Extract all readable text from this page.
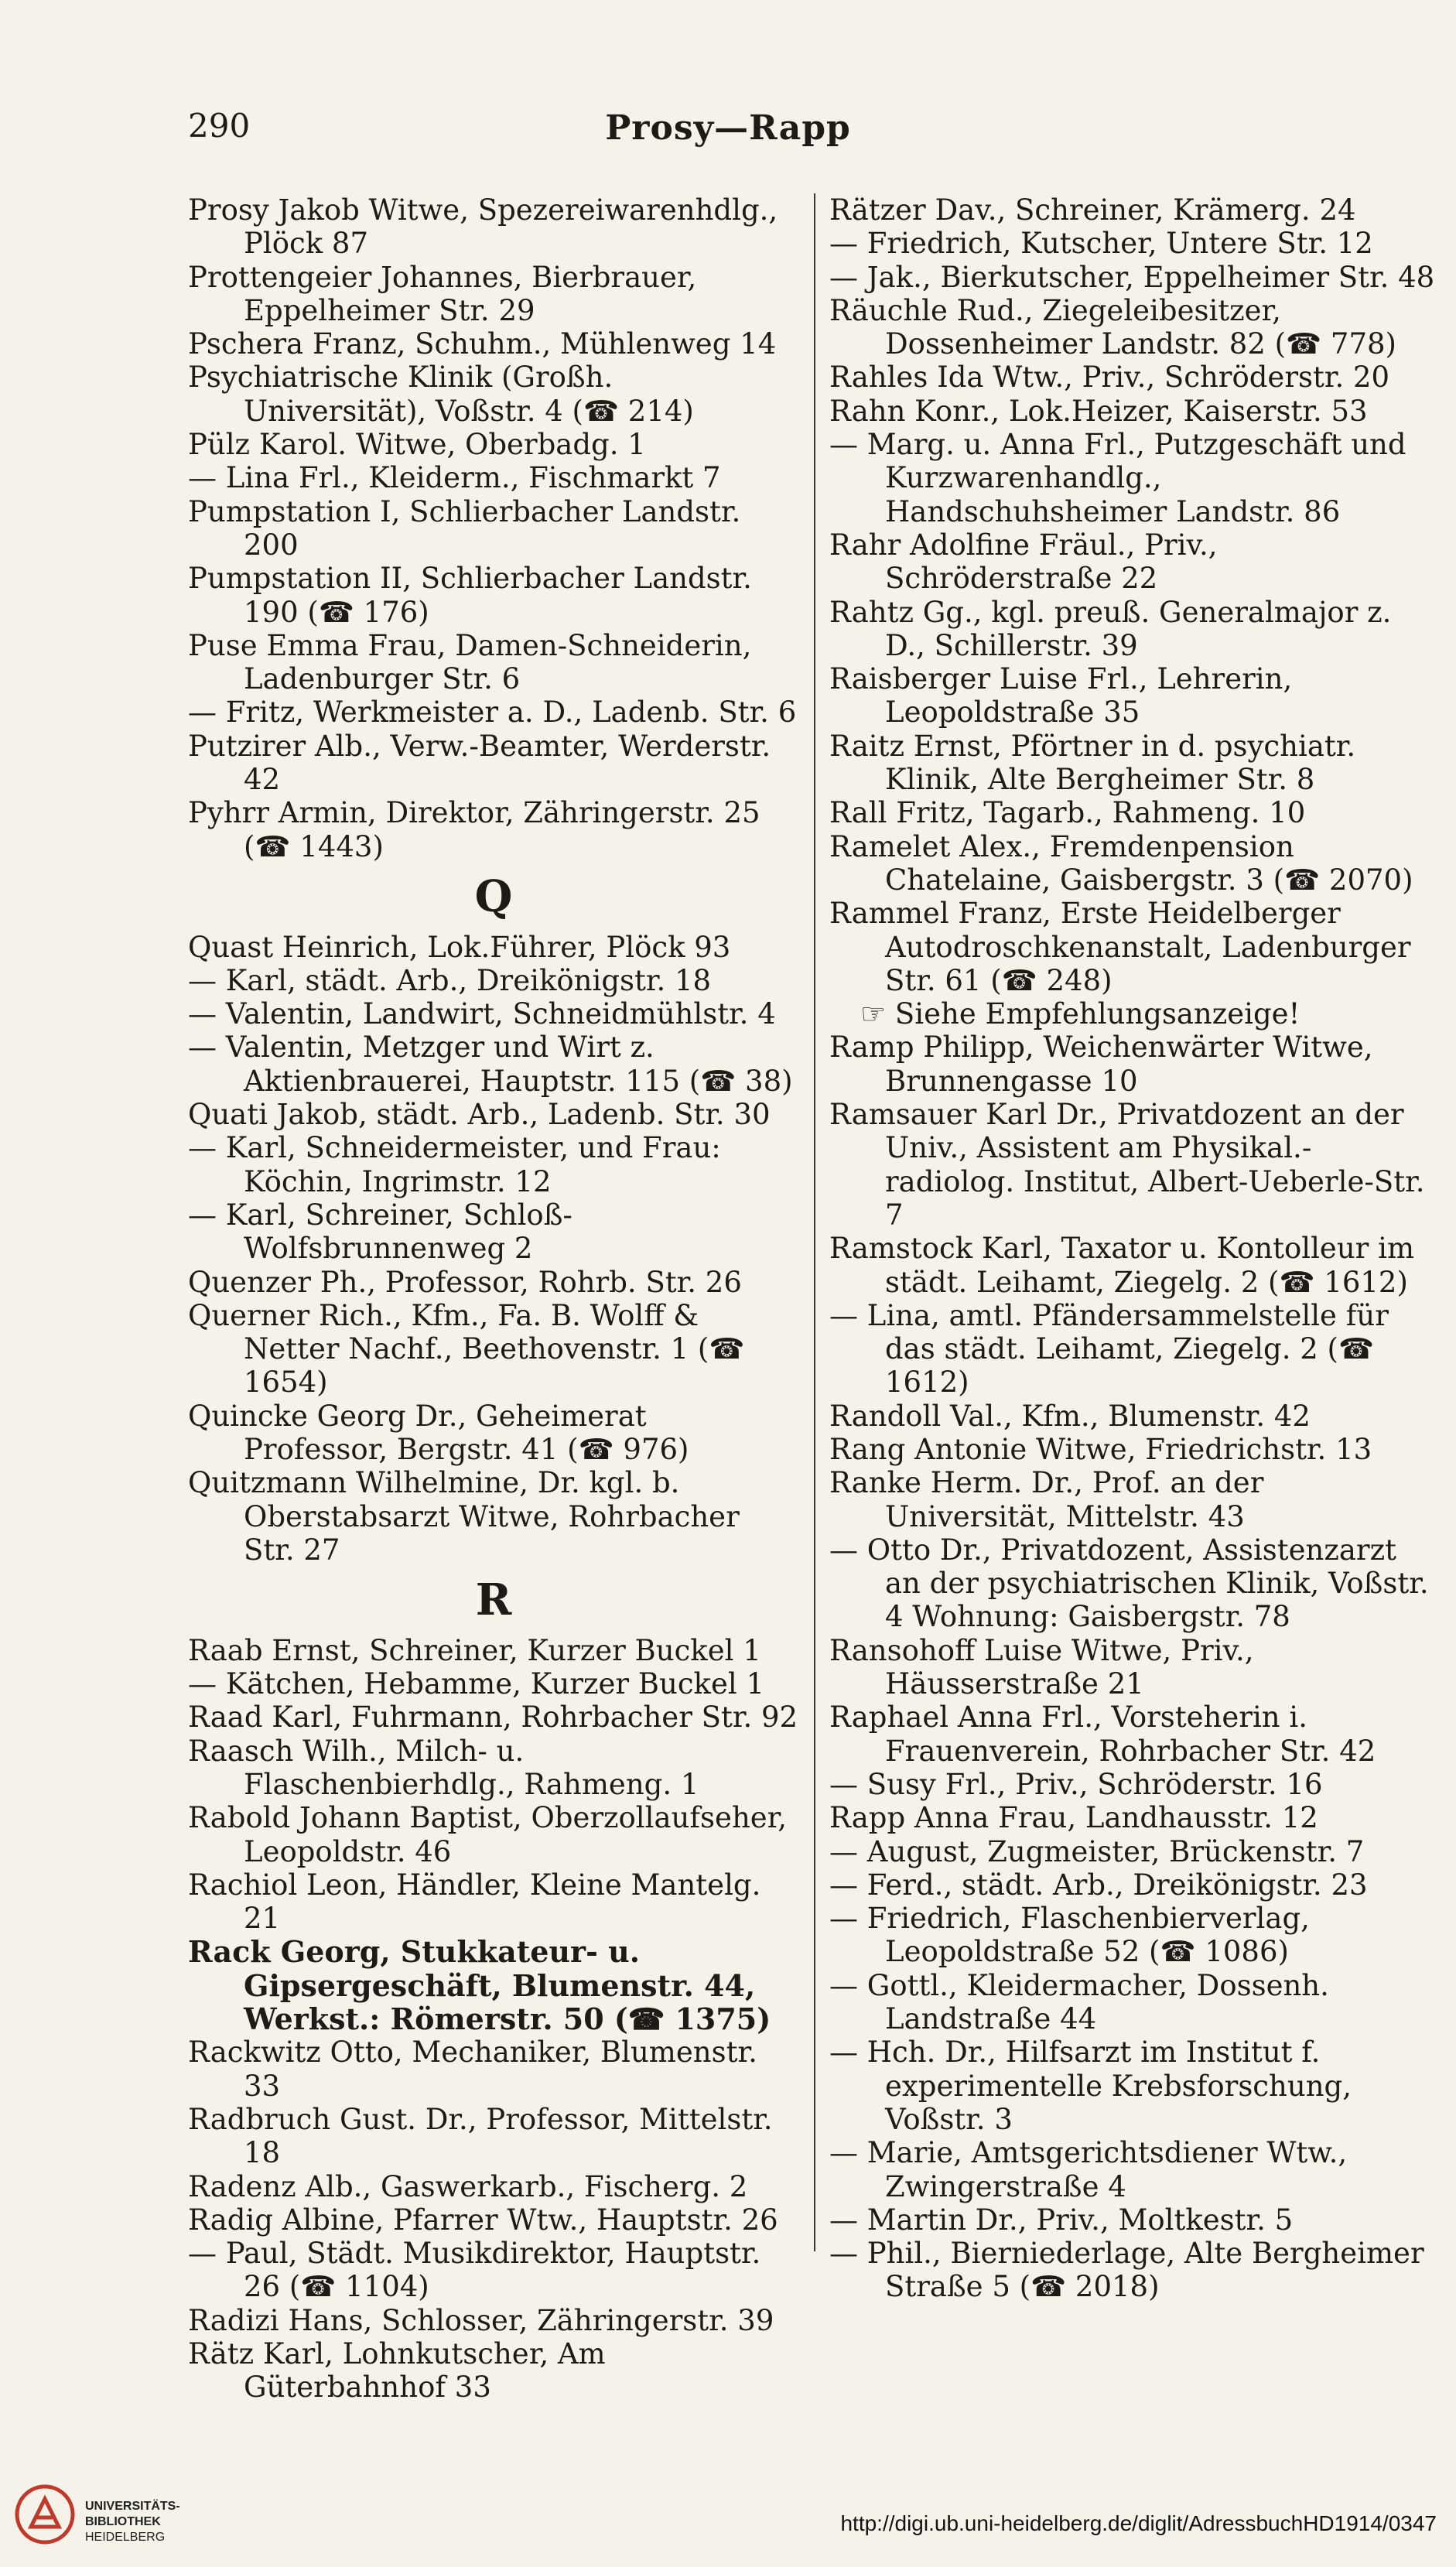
290	Prosy—Rapp
Prosy Jakob Witwe, Spezereiwarenhdlg., Plöck 87
Prottengeier Johannes, Bierbrauer, Eppelheimer Str. 29
Pschera Franz, Schuhm., Mühlenweg 14
Psychiatrische Klinik (Großh. Universität), Voßstr. 4 (☎ 214)
Pülz Karol. Witwe, Oberbadg. 1
— Lina Frl., Kleiderm., Fischmarkt 7
Pumpstation I, Schlierbacher Landstr. 200
Pumpstation II, Schlierbacher Landstr. 190 (☎ 176)
Puse Emma Frau, Damen-Schneiderin, Ladenburger Str. 6
— Fritz, Werkmeister a. D., Ladenb. Str. 6
Putzirer Alb., Verw.-Beamter, Werderstr. 42
Pyhrr Armin, Direktor, Zähringerstr. 25 (☎ 1443)
Q
Quast Heinrich, Lok.Führer, Plöck 93
— Karl, städt. Arb., Dreikönigstr. 18
— Valentin, Landwirt, Schneidmühlstr. 4
— Valentin, Metzger und Wirt z. Aktienbrauerei, Hauptstr. 115 (☎ 38)
Quati Jakob, städt. Arb., Ladenb. Str. 30
— Karl, Schneidermeister, und Frau: Köchin, Ingrimstr. 12
— Karl, Schreiner, Schloß-Wolfsbrunnenweg 2
Quenzer Ph., Professor, Rohrb. Str. 26
Querner Rich., Kfm., Fa. B. Wolff & Netter Nachf., Beethovenstr. 1 (☎ 1654)
Quincke Georg Dr., Geheimerat Professor, Bergstr. 41 (☎ 976)
Quitzmann Wilhelmine, Dr. kgl. b. Oberstabsarzt Witwe, Rohrbacher Str. 27
R
Raab Ernst, Schreiner, Kurzer Buckel 1
— Kätchen, Hebamme, Kurzer Buckel 1
Raad Karl, Fuhrmann, Rohrbacher Str. 92
Raasch Wilh., Milch- u. Flaschenbierhdlg., Rahmeng. 1
Rabold Johann Baptist, Oberzollaufseher, Leopoldstr. 46
Rachiol Leon, Händler, Kleine Mantelg. 21
Rack Georg, Stukkateur- u. Gipsergeschäft, Blumenstr. 44, Werkst.: Römerstr. 50 (☎ 1375)
Rackwitz Otto, Mechaniker, Blumenstr. 33
Radbruch Gust. Dr., Professor, Mittelstr. 18
Radenz Alb., Gaswerkarb., Fischerg. 2
Radig Albine, Pfarrer Wtw., Hauptstr. 26
— Paul, Städt. Musikdirektor, Hauptstr. 26 (☎ 1104)
Radizi Hans, Schlosser, Zähringerstr. 39
Rätz Karl, Lohnkutscher, Am Güterbahnhof 33
Rätzer Dav., Schreiner, Krämerg. 24
— Friedrich, Kutscher, Untere Str. 12
— Jak., Bierkutscher, Eppelheimer Str. 48
Räuchle Rud., Ziegeleibesitzer, Dossenheimer Landstr. 82 (☎ 778)
Rahles Ida Wtw., Priv., Schröderstr. 20
Rahn Konr., Lok.Heizer, Kaiserstr. 53
— Marg. u. Anna Frl., Putzgeschäft und Kurzwarenhandlg., Handschuhsheimer Landstr. 86
Rahr Adolfine Fräul., Priv., Schröderstraße 22
Rahtz Gg., kgl. preuß. Generalmajor z. D., Schillerstr. 39
Raisberger Luise Frl., Lehrerin, Leopoldstraße 35
Raitz Ernst, Pförtner in d. psychiatr. Klinik, Alte Bergheimer Str. 8
Rall Fritz, Tagarb., Rahmeng. 10
Ramelet Alex., Fremdenpension Chatelaine, Gaisbergstr. 3 (☎ 2070)
Rammel Franz, Erste Heidelberger Autodroschkenanstalt, Ladenburger Str. 61 (☎ 248)
☞ Siehe Empfehlungsanzeige!
Ramp Philipp, Weichenwärter Witwe, Brunnengasse 10
Ramsauer Karl Dr., Privatdozent an der Univ., Assistent am Physikal.-radiolog. Institut, Albert-Ueberle-Str. 7
Ramstock Karl, Taxator u. Kontolleur im städt. Leihamt, Ziegelg. 2 (☎ 1612)
— Lina, amtl. Pfändersammelstelle für das städt. Leihamt, Ziegelg. 2 (☎ 1612)
Randoll Val., Kfm., Blumenstr. 42
Rang Antonie Witwe, Friedrichstr. 13
Ranke Herm. Dr., Prof. an der Universität, Mittelstr. 43
— Otto Dr., Privatdozent, Assistenzarzt an der psychiatrischen Klinik, Voßstr. 4 Wohnung: Gaisbergstr. 78
Ransohoff Luise Witwe, Priv., Häusserstraße 21
Raphael Anna Frl., Vorsteherin i. Frauenverein, Rohrbacher Str. 42
— Susy Frl., Priv., Schröderstr. 16
Rapp Anna Frau, Landhausstr. 12
— August, Zugmeister, Brückenstr. 7
— Ferd., städt. Arb., Dreikönigstr. 23
— Friedrich, Flaschenbierverlag, Leopoldstraße 52 (☎ 1086)
— Gottl., Kleidermacher, Dossenh. Landstraße 44
— Hch. Dr., Hilfsarzt im Institut f. experimentelle Krebsforschung, Voßstr. 3
— Marie, Amtsgerichtsdiener Wtw., Zwingerstraße 4
— Martin Dr., Priv., Moltkestr. 5
— Phil., Bierniederlage, Alte Bergheimer Straße 5 (☎ 2018)
UNIVERSITÄTS-
BIBLIOTHEK
HEIDELBERG
http://digi.ub.uni-heidelberg.de/diglit/AdressbuchHD1914/0347
